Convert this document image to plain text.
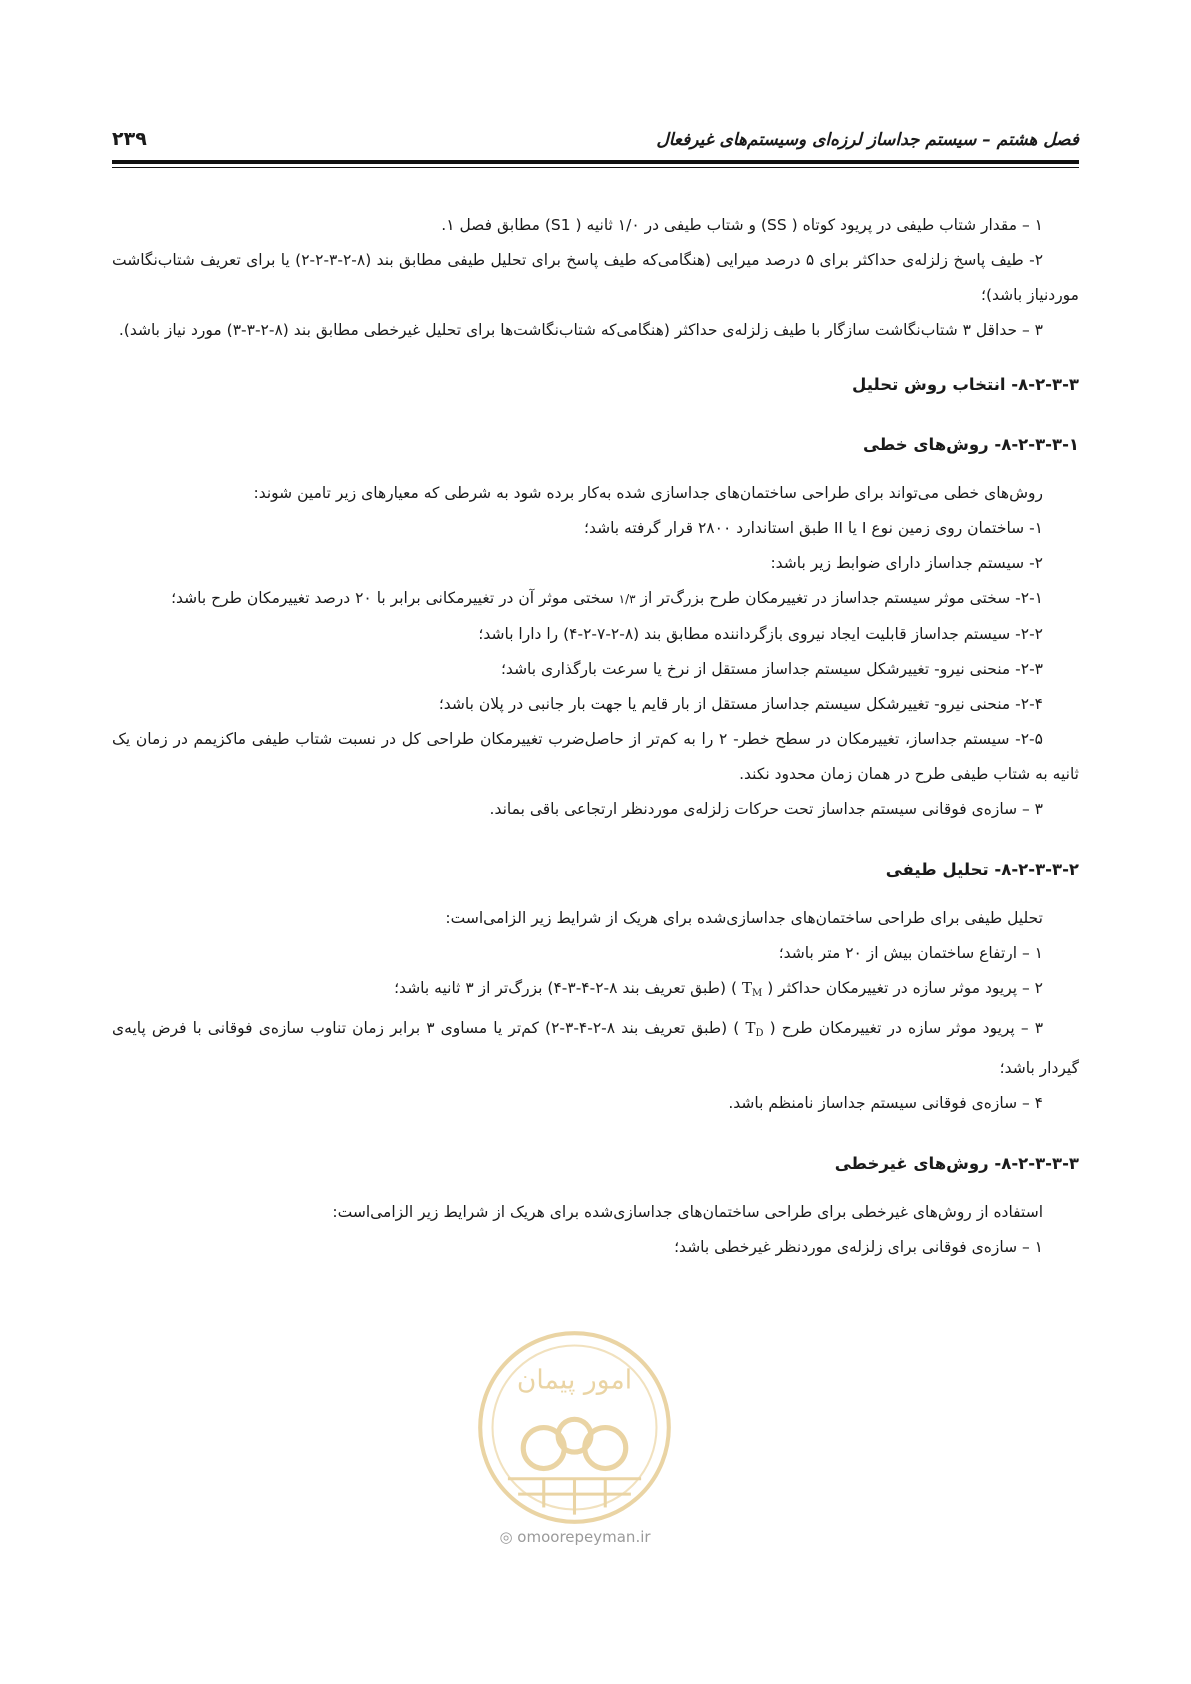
فصل هشتم – سیستم جداساز لرزه‌ای وسیستم‌های غیرفعال
۲۳۹

۱ – مقدار شتاب طیفی در پریود کوتاه ( SS) و شتاب طیفی در ۱/۰ ثانیه ( S1) مطابق فصل ۱.

۲- طیف پاسخ زلزله‌ی حداکثر برای ۵ درصد میرایی (هنگامی‌که طیف پاسخ برای تحلیل طیفی مطابق بند (۸-۲-۳-۲-۲) یا برای تعریف شتاب‌نگاشت موردنیاز باشد)؛

۳ – حداقل ۳ شتاب‌نگاشت سازگار با طیف زلزله‌ی حداکثر (هنگامی‌که شتاب‌نگاشت‌ها برای تحلیل غیرخطی مطابق بند (۸-۲-۳-۳) مورد نیاز باشد).

۸-۲-۳-۳- انتخاب روش تحلیل
۸-۲-۳-۳-۱- روش‌های خطی

روش‌های خطی می‌تواند برای طراحی ساختمان‌های جداسازی شده به‌کار برده شود به شرطی که معیارهای زیر تامین شوند:

۱- ساختمان روی زمین نوع I یا II طبق استاندارد ۲۸۰۰ قرار گرفته باشد؛

۲- سیستم جداساز دارای ضوابط زیر باشد:

۲-۱- سختی موثر سیستم جداساز در تغییرمکان طرح بزرگ‌تر از ۱/۳ سختی موثر آن در تغییرمکانی برابر با ۲۰ درصد تغییرمکان طرح باشد؛

۲-۲- سیستم جداساز قابلیت ایجاد نیروی بازگرداننده مطابق بند (۸-۲-۷-۲-۴) را دارا باشد؛

۲-۳- منحنی نیرو- تغییرشکل سیستم جداساز مستقل از نرخ یا سرعت بارگذاری باشد؛

۲-۴- منحنی نیرو- تغییرشکل سیستم جداساز مستقل از بار قایم یا جهت بار جانبی در پلان باشد؛

۲-۵- سیستم جداساز، تغییرمکان در سطح خطر- ۲ را به کم‌تر از حاصل‌ضرب تغییرمکان طراحی کل در نسبت شتاب طیفی ماکزیمم در زمان یک ثانیه به شتاب طیفی طرح در همان زمان محدود نکند.

۳ – سازه‌ی فوقانی سیستم جداساز تحت حرکات زلزله‌ی موردنظر ارتجاعی باقی بماند.

۸-۲-۳-۳-۲- تحلیل طیفی

تحلیل طیفی برای طراحی ساختمان‌های جداسازی‌شده برای هریک از شرایط زیر الزامی‌است:

۱ – ارتفاع ساختمان بیش از ۲۰ متر باشد؛

۲ – پریود موثر سازه در تغییرمکان حداکثر ( $T_M$ ) (طبق تعریف بند ۸-۲-۴-۳-۴) بزرگ‌تر از ۳ ثانیه باشد؛

۳ – پریود موثر سازه در تغییرمکان طرح ( $T_D$ ) (طبق تعریف بند ۸-۲-۴-۳-۲) کم‌تر یا مساوی ۳ برابر زمان تناوب سازه‌ی فوقانی با فرض پایه‌ی گیردار باشد؛

۴ – سازه‌ی فوقانی سیستم جداساز نامنظم باشد.

۸-۲-۳-۳-۳- روش‌های غیرخطی

استفاده از روش‌های غیرخطی برای طراحی ساختمان‌های جداسازی‌شده برای هریک از شرایط زیر الزامی‌است:

۱ – سازه‌ی فوقانی برای زلزله‌ی موردنظر غیرخطی باشد؛

امور پیمان
◎ omoorepeyman.ir
